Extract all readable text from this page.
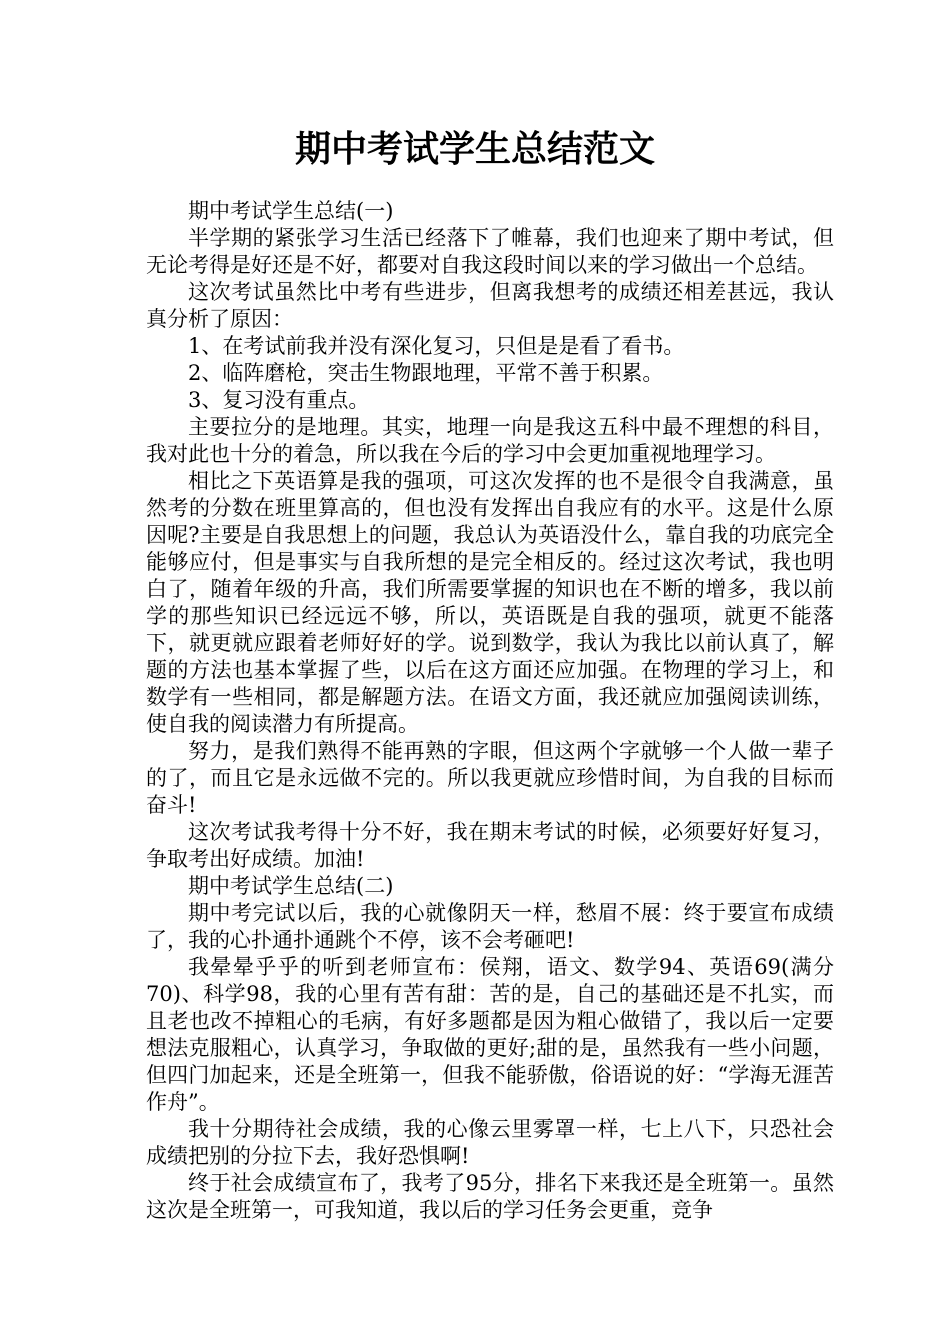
期中考试学生总结范文

期中考试学生总结(一)

半学期的紧张学习生活已经落下了帷幕，我们也迎来了期中考试，但无论考得是好还是不好，都要对自我这段时间以来的学习做出一个总结。

这次考试虽然比中考有些进步，但离我想考的成绩还相差甚远，我认真分析了原因：

1、在考试前我并没有深化复习，只但是是看了看书。

2、临阵磨枪，突击生物跟地理，平常不善于积累。

3、复习没有重点。

主要拉分的是地理。其实，地理一向是我这五科中最不理想的科目，我对此也十分的着急，所以我在今后的学习中会更加重视地理学习。

相比之下英语算是我的强项，可这次发挥的也不是很令自我满意，虽然考的分数在班里算高的，但也没有发挥出自我应有的水平。这是什么原因呢?主要是自我思想上的问题，我总认为英语没什么，靠自我的功底完全能够应付，但是事实与自我所想的是完全相反的。经过这次考试，我也明白了，随着年级的升高，我们所需要掌握的知识也在不断的增多，我以前学的那些知识已经远远不够，所以，英语既是自我的强项，就更不能落下，就更就应跟着老师好好的学。说到数学，我认为我比以前认真了，解题的方法也基本掌握了些，以后在这方面还应加强。在物理的学习上，和数学有一些相同，都是解题方法。在语文方面，我还就应加强阅读训练，使自我的阅读潜力有所提高。

努力，是我们熟得不能再熟的字眼，但这两个字就够一个人做一辈子的了，而且它是永远做不完的。所以我更就应珍惜时间，为自我的目标而奋斗!

这次考试我考得十分不好，我在期末考试的时候，必须要好好复习，争取考出好成绩。加油!

期中考试学生总结(二)

期中考完试以后，我的心就像阴天一样，愁眉不展：终于要宣布成绩了，我的心扑通扑通跳个不停，该不会考砸吧!

我晕晕乎乎的听到老师宣布：侯翔，语文、数学94、英语69(满分70)、科学98，我的心里有苦有甜：苦的是，自己的基础还是不扎实，而且老也改不掉粗心的毛病，有好多题都是因为粗心做错了，我以后一定要想法克服粗心，认真学习，争取做的更好;甜的是，虽然我有一些小问题，但四门加起来，还是全班第一，但我不能骄傲，俗语说的好：“学海无涯苦作舟”。

我十分期待社会成绩，我的心像云里雾罩一样，七上八下，只恐社会成绩把别的分拉下去，我好恐惧啊!

终于社会成绩宣布了，我考了95分，排名下来我还是全班第一。虽然这次是全班第一，可我知道，我以后的学习任务会更重，竞争
